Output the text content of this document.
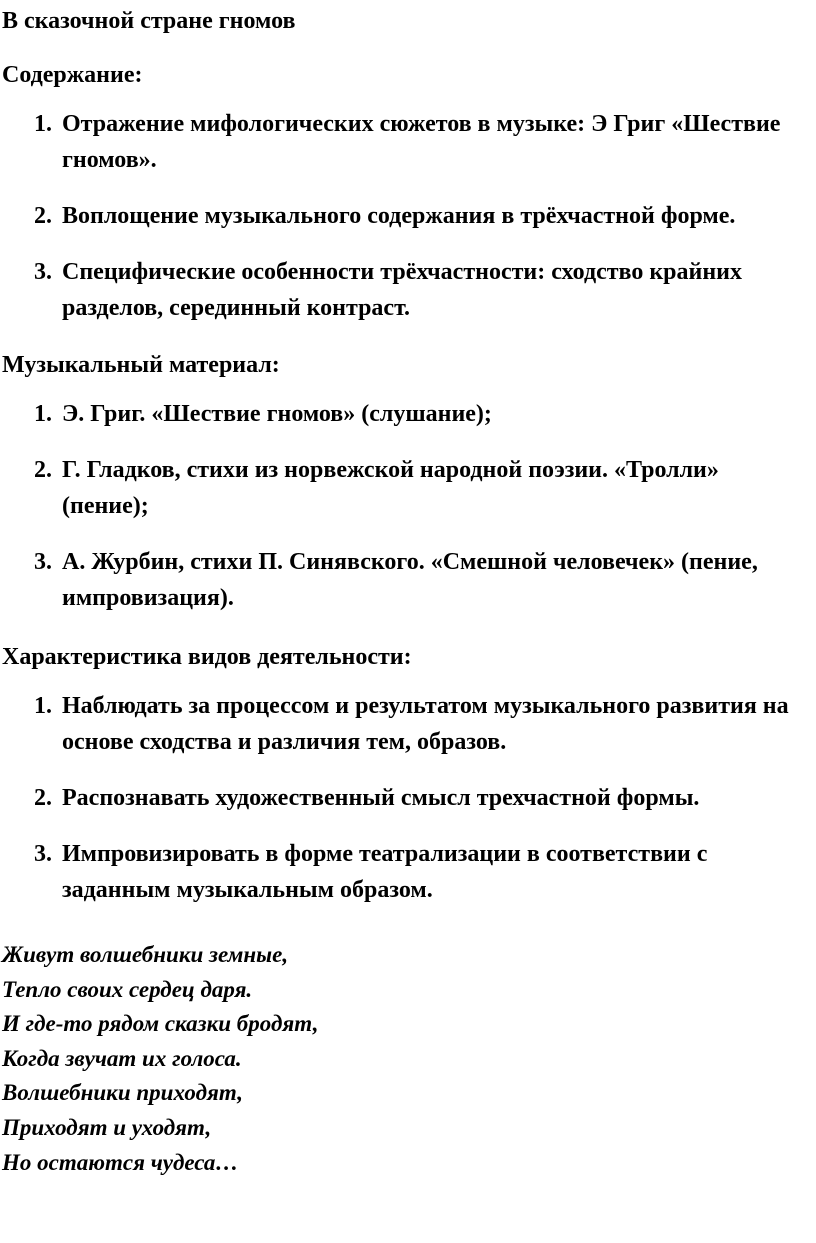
В сказочной стране гномов
Содержание:
1. Отражение мифологических сюжетов в музыке: Э Григ «Шествие гномов».
2. Воплощение музыкального содержания в трёхчастной форме.
3. Специфические особенности трёхчастности: сходство крайних разделов, серединный контраст.
Музыкальный материал:
1. Э. Григ. «Шествие гномов» (слушание);
2. Г. Гладков, стихи из норвежской народной поэзии. «Тролли» (пение);
3. А. Журбин, стихи П. Синявского. «Смешной человечек» (пение, импровизация).
Характеристика видов деятельности:
1. Наблюдать за процессом и результатом музыкального развития на основе сходства и различия тем, образов.
2. Распознавать художественный смысл трехчастной формы.
3. Импровизировать в форме театрализации в соответствии с заданным музыкальным образом.
Живут волшебники земные,
Тепло своих сердец даря.
И где-то рядом сказки бродят,
Когда звучат их голоса.
Волшебники приходят,
Приходят и уходят,
Но остаются чудеса…
